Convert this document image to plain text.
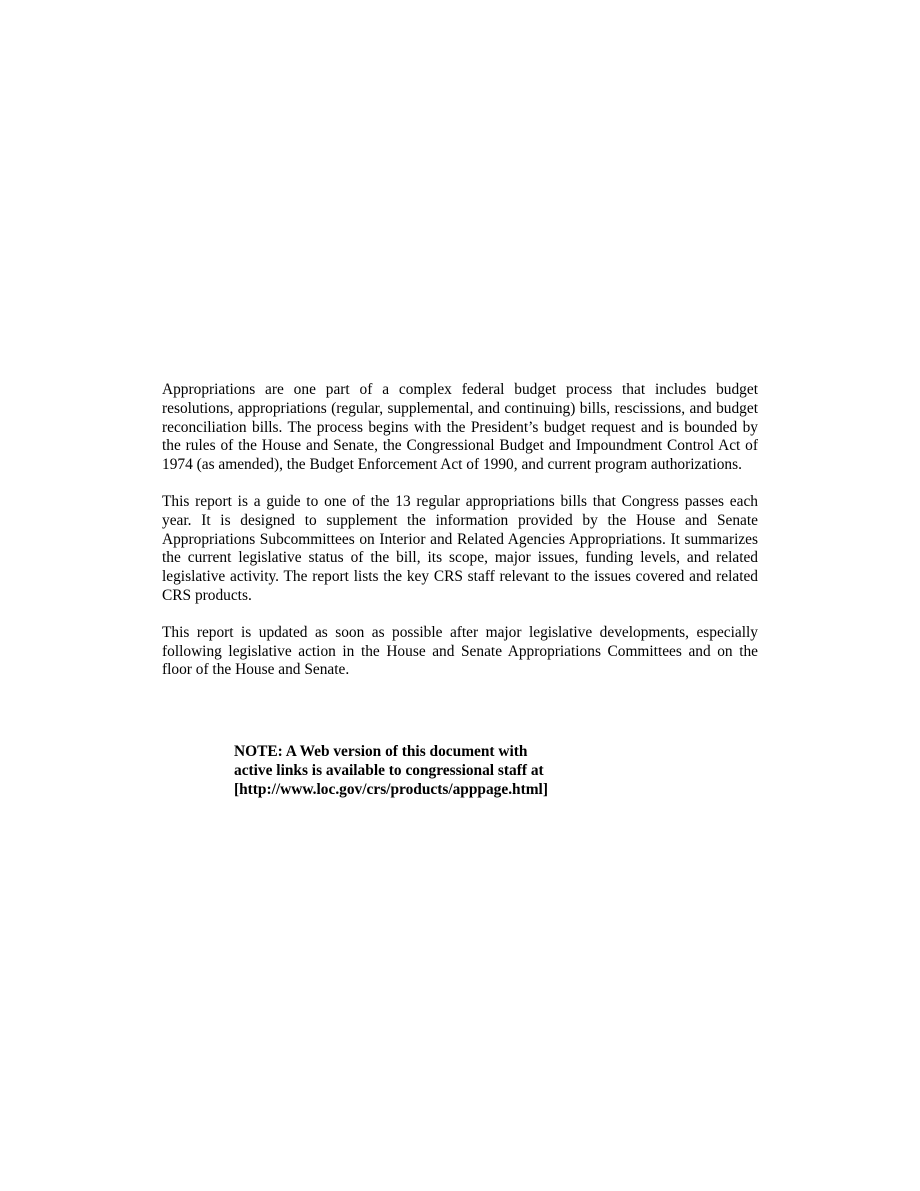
Appropriations are one part of a complex federal budget process that includes budget resolutions, appropriations (regular, supplemental, and continuing) bills, rescissions, and budget reconciliation bills. The process begins with the President’s budget request and is bounded by the rules of the House and Senate, the Congressional Budget and Impoundment Control Act of 1974 (as amended), the Budget Enforcement Act of 1990, and current program authorizations.

This report is a guide to one of the 13 regular appropriations bills that Congress passes each year. It is designed to supplement the information provided by the House and Senate Appropriations Subcommittees on Interior and Related Agencies Appropriations. It summarizes the current legislative status of the bill, its scope, major issues, funding levels, and related legislative activity. The report lists the key CRS staff relevant to the issues covered and related CRS products.

This report is updated as soon as possible after major legislative developments, especially following legislative action in the House and Senate Appropriations Committees and on the floor of the House and Senate.

NOTE: A Web version of this document with
active links is available to congressional staff at
[http://www.loc.gov/crs/products/apppage.html]
